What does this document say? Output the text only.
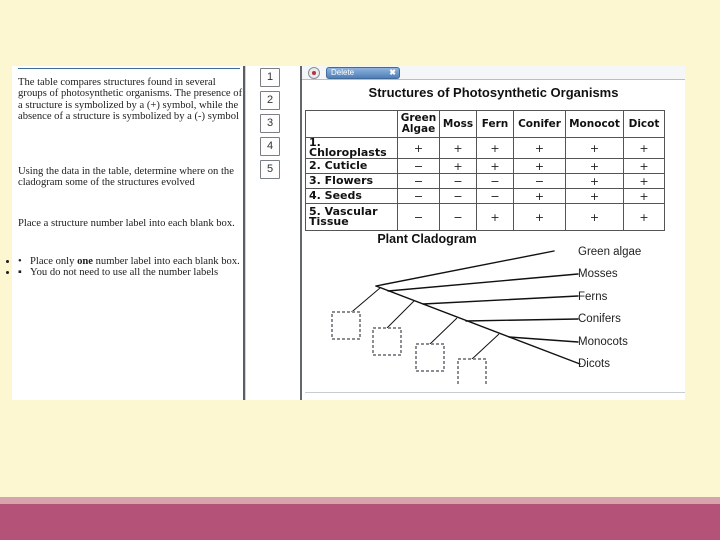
The table compares structures found in several groups of photosynthetic organisms. The presence of a structure is symbolized by a (+) symbol, while the absence of a structure is symbolized by a (-) symbol

Using the data in the table, determine where on the cladogram some of the structures evolved

Place a structure number label into each blank box.

• • Place only one number label into each blank box.
▪ • You do not need to use all the number labels
1
2
3
4
5
Delete	✖
Structures of Photosynthetic Organisms
	Green Algae	Moss	Fern	Conifer	Monocot	Dicot
1. Chloroplasts	+	+	+	+	+	+
2. Cuticle	−	+	+	+	+	+
3. Flowers	−	−	−	−	+	+
4. Seeds	−	−	−	+	+	+
5. Vascular Tissue	−	−	+	+	+	+
Plant Cladogram
Green algae
Mosses
Ferns
Conifers
Monocots
Dicots
